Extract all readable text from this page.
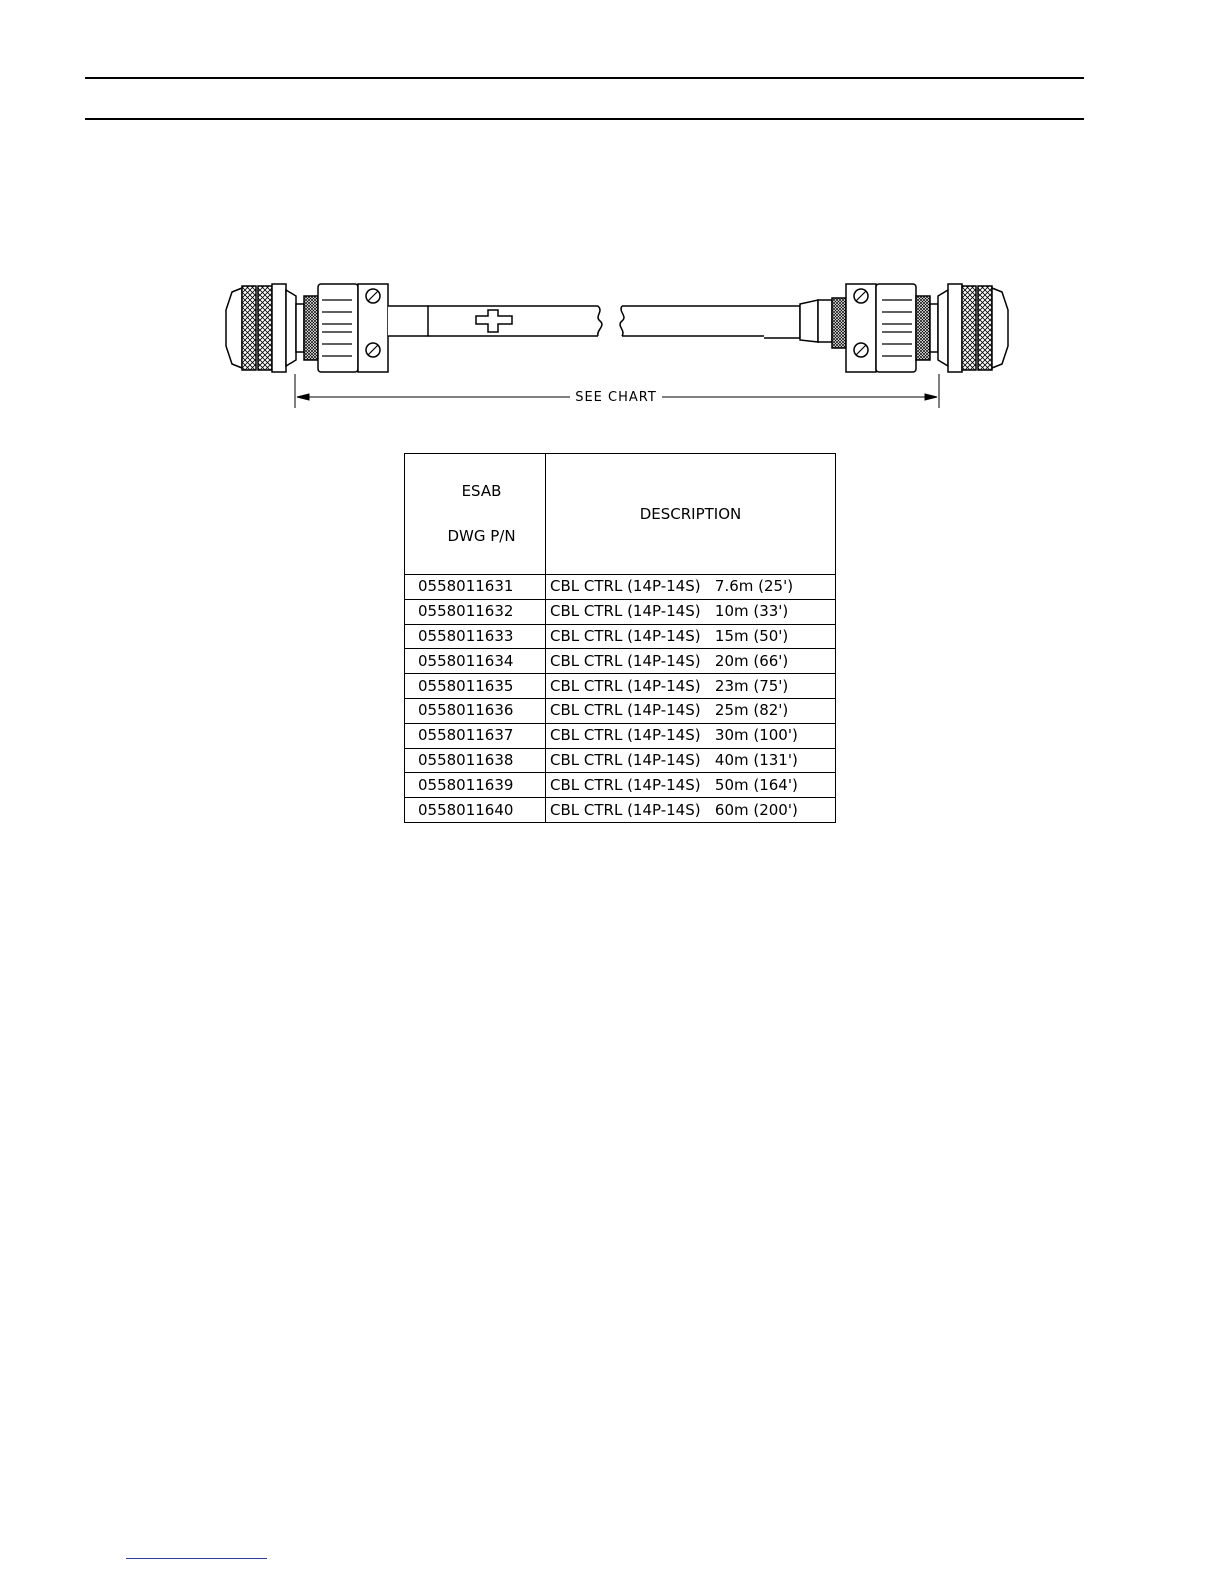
SEE CHART

ESAB

DWG P/N	DESCRIPTION
0558011631	CBL CTRL (14P-14S)   7.6m (25')
0558011632	CBL CTRL (14P-14S)   10m (33')
0558011633	CBL CTRL (14P-14S)   15m (50')
0558011634	CBL CTRL (14P-14S)   20m (66')
0558011635	CBL CTRL (14P-14S)   23m (75')
0558011636	CBL CTRL (14P-14S)   25m (82')
0558011637	CBL CTRL (14P-14S)   30m (100')
0558011638	CBL CTRL (14P-14S)   40m (131')
0558011639	CBL CTRL (14P-14S)   50m (164')
0558011640	CBL CTRL (14P-14S)   60m (200')
